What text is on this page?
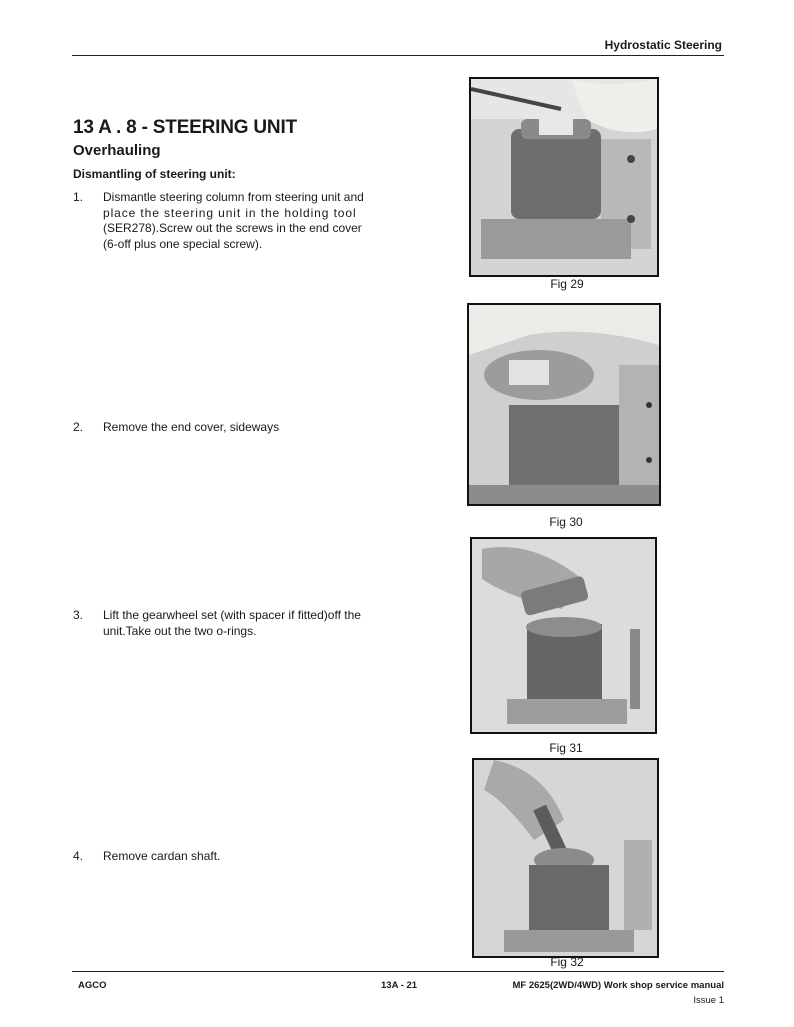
Hydrostatic Steering
13 A . 8 - STEERING UNIT
Overhauling
Dismantling of steering unit:
1. Dismantle steering column from steering unit and
place the steering unit in the holding tool
(SER278).Screw out the screws in the end cover
(6-off plus one special screw).
2. Remove the end cover, sideways
3. Lift the gearwheel set (with spacer if fitted)off the
unit.Take out the two o-rings.
4. Remove cardan shaft.
Fig 29
Fig 30
Fig 31
Fig 32
AGCO	13A - 21	MF 2625(2WD/4WD) Work shop service manual
Issue 1
